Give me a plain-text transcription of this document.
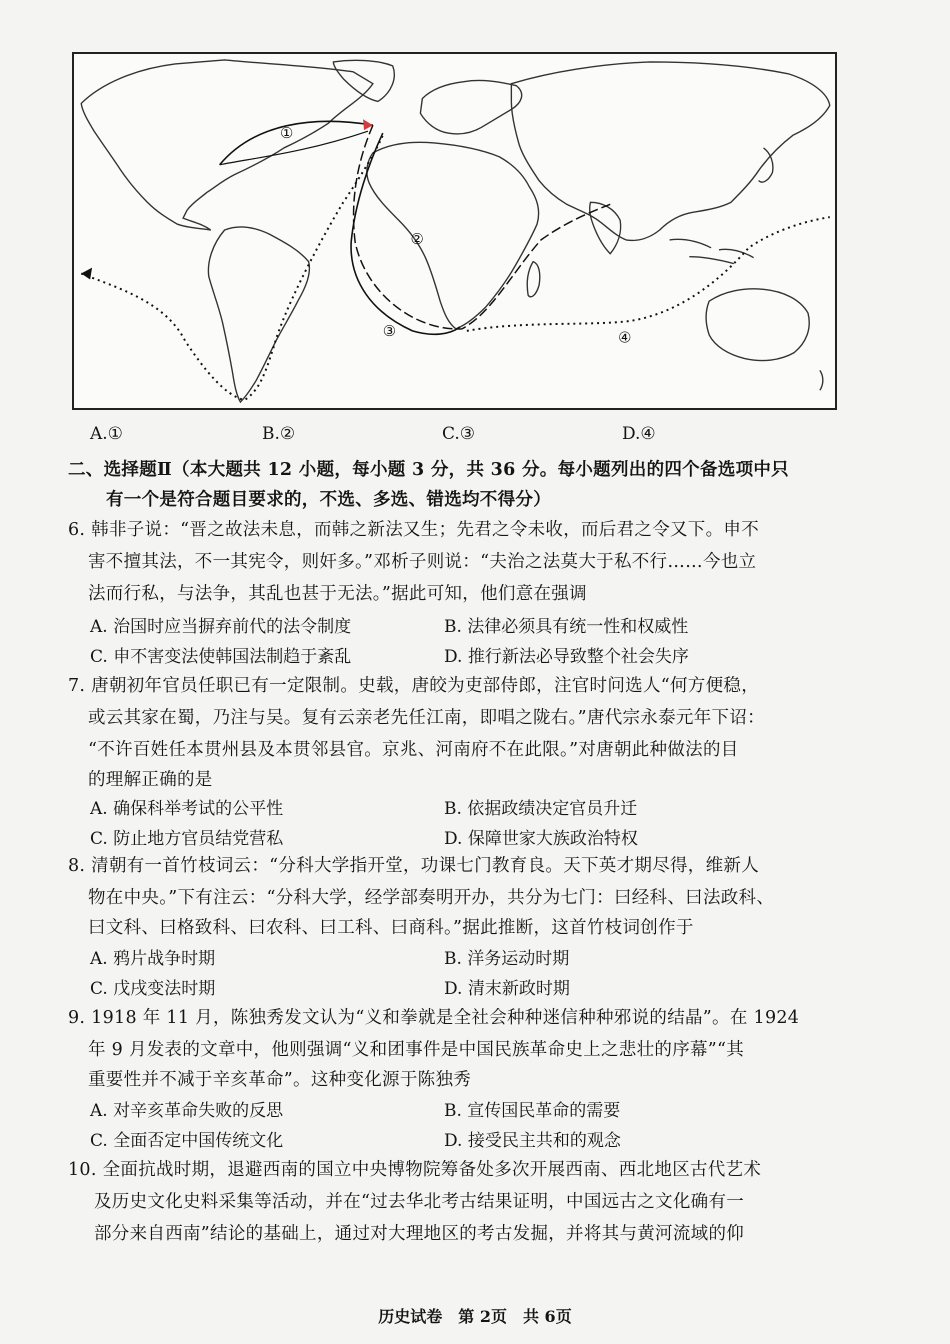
①
②
③	④
A.①	B.②	C.③	D.④
二、选择题Ⅱ（本大题共 12 小题，每小题 3 分，共 36 分。每小题列出的四个备选项中只
有一个是符合题目要求的，不选、多选、错选均不得分）
6. 韩非子说：“晋之故法未息，而韩之新法又生；先君之令未收，而后君之令又下。申不
害不擅其法，不一其宪令，则奸多。”邓析子则说：“夫治之法莫大于私不行……今也立
法而行私，与法争，其乱也甚于无法。”据此可知，他们意在强调
A. 治国时应当摒弃前代的法令制度	B. 法律必须具有统一性和权威性
C. 申不害变法使韩国法制趋于紊乱	D. 推行新法必导致整个社会失序
7. 唐朝初年官员任职已有一定限制。史载，唐皎为吏部侍郎，注官时问选人“何方便稳，
或云其家在蜀，乃注与吴。复有云亲老先任江南，即唱之陇右。”唐代宗永泰元年下诏：
“不许百姓任本贯州县及本贯邻县官。京兆、河南府不在此限。”对唐朝此种做法的目
的理解正确的是
A. 确保科举考试的公平性	B. 依据政绩决定官员升迁
C. 防止地方官员结党营私	D. 保障世家大族政治特权
8. 清朝有一首竹枝词云：“分科大学指开堂，功课七门教育良。天下英才期尽得，维新人
物在中央。”下有注云：“分科大学，经学部奏明开办，共分为七门：曰经科、曰法政科、
曰文科、曰格致科、曰农科、曰工科、曰商科。”据此推断，这首竹枝词创作于
A. 鸦片战争时期	B. 洋务运动时期
C. 戊戌变法时期	D. 清末新政时期
9. 1918 年 11 月，陈独秀发文认为“义和拳就是全社会种种迷信种种邪说的结晶”。在 1924
年 9 月发表的文章中，他则强调“义和团事件是中国民族革命史上之悲壮的序幕”“其
重要性并不减于辛亥革命”。这种变化源于陈独秀
A. 对辛亥革命失败的反思	B. 宣传国民革命的需要
C. 全面否定中国传统文化	D. 接受民主共和的观念
10. 全面抗战时期，退避西南的国立中央博物院筹备处多次开展西南、西北地区古代艺术
及历史文化史料采集等活动，并在“过去华北考古结果证明，中国远古之文化确有一
部分来自西南”结论的基础上，通过对大理地区的考古发掘，并将其与黄河流域的仰
历史试卷　第 2页　共 6页
